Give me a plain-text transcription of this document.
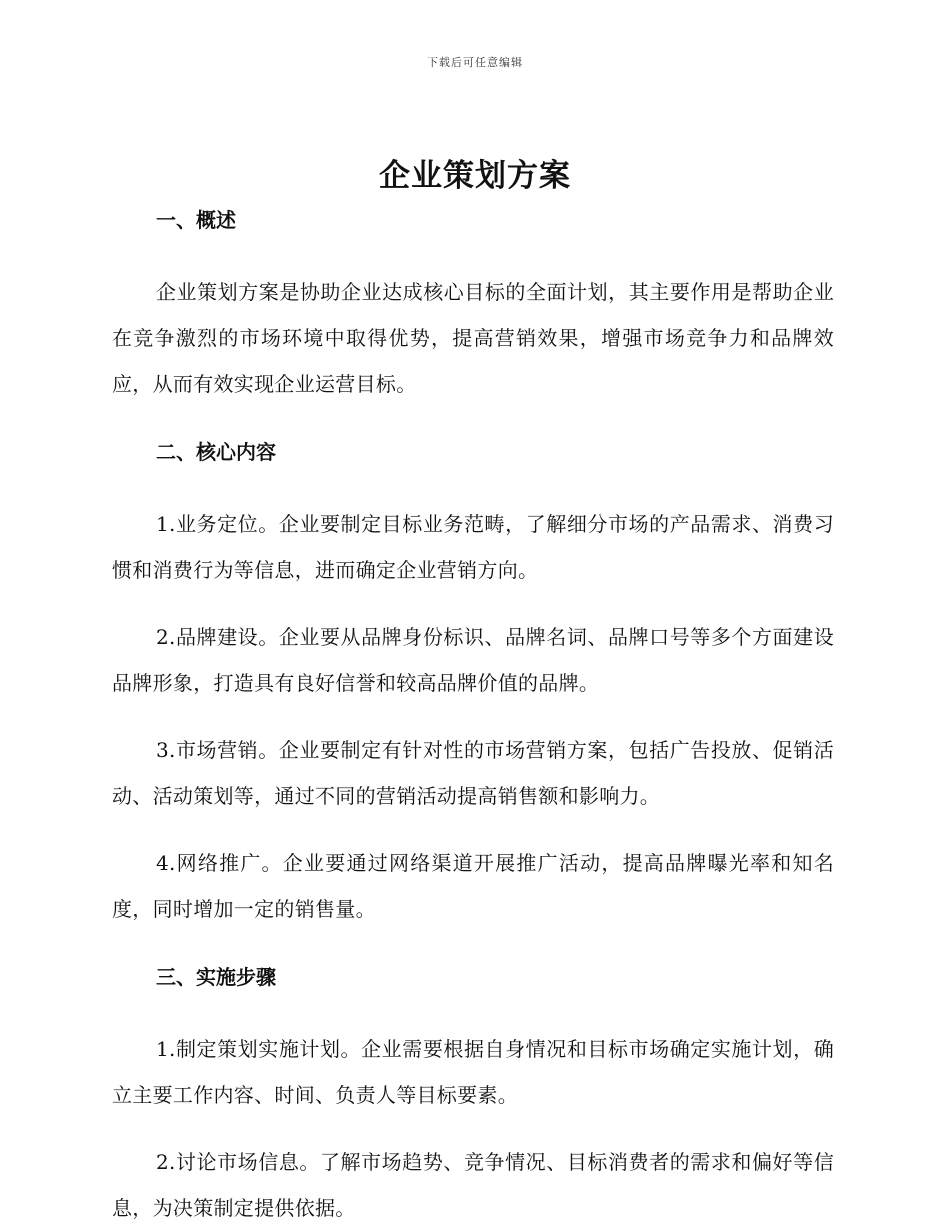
下载后可任意编辑
企业策划方案
一、概述

企业策划方案是协助企业达成核心目标的全面计划，其主要作用是帮助企业在竞争激烈的市场环境中取得优势，提高营销效果，增强市场竞争力和品牌效应，从而有效实现企业运营目标。

二、核心内容

1.业务定位。企业要制定目标业务范畴，了解细分市场的产品需求、消费习惯和消费行为等信息，进而确定企业营销方向。

2.品牌建设。企业要从品牌身份标识、品牌名词、品牌口号等多个方面建设品牌形象，打造具有良好信誉和较高品牌价值的品牌。

3.市场营销。企业要制定有针对性的市场营销方案，包括广告投放、促销活动、活动策划等，通过不同的营销活动提高销售额和影响力。

4.网络推广。企业要通过网络渠道开展推广活动，提高品牌曝光率和知名度，同时增加一定的销售量。

三、实施步骤

1.制定策划实施计划。企业需要根据自身情况和目标市场确定实施计划，确立主要工作内容、时间、负责人等目标要素。

2.讨论市场信息。了解市场趋势、竞争情况、目标消费者的需求和偏好等信息，为决策制定提供依据。
